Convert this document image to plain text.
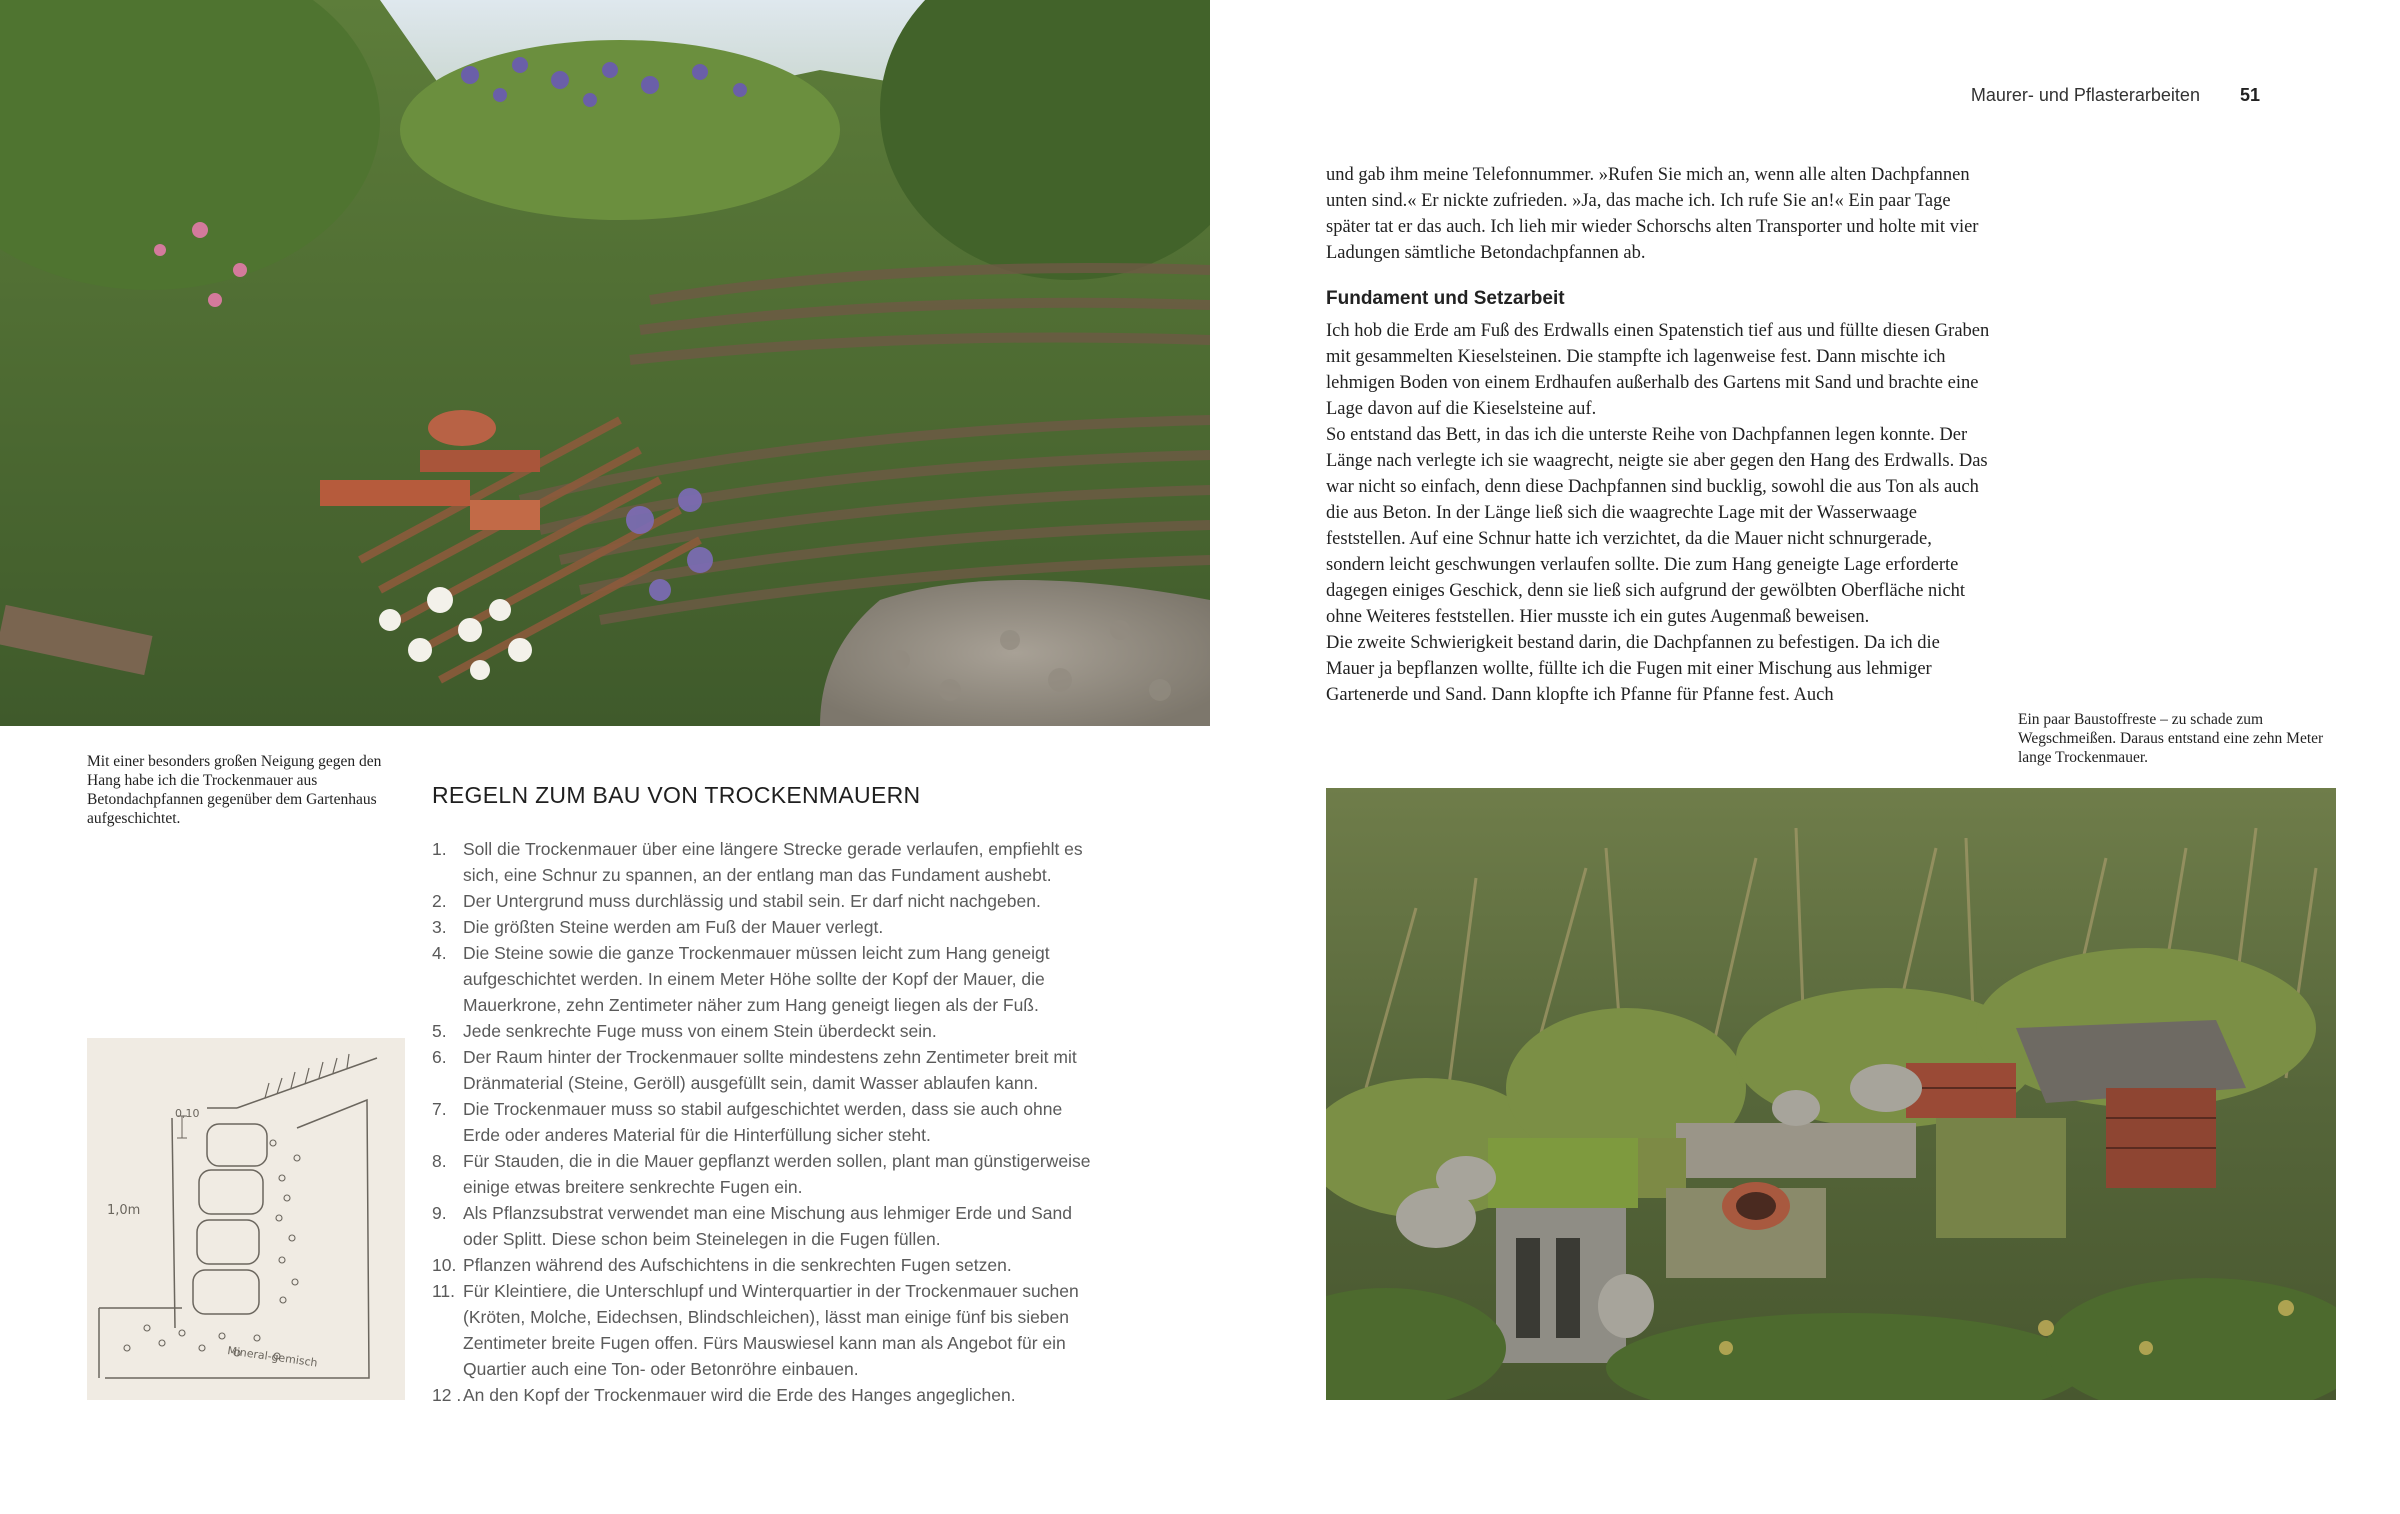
Maurer- und Pflasterarbeiten 51

und gab ihm meine Telefonnummer. »Rufen Sie mich an, wenn alle alten Dachpfannen unten sind.« Er nickte zufrieden. »Ja, das mache ich. Ich rufe Sie an!« Ein paar Tage später tat er das auch. Ich lieh mir wieder Schorschs alten Transporter und holte mit vier Ladungen sämtliche Betondachpfannen ab.

Fundament und Setzarbeit

Ich hob die Erde am Fuß des Erdwalls einen Spatenstich tief aus und füllte diesen Graben mit gesammelten Kieselsteinen. Die stampfte ich lagenweise fest. Dann mischte ich lehmigen Boden von einem Erdhaufen außerhalb des Gartens mit Sand und brachte eine Lage davon auf die Kieselsteine auf.

So entstand das Bett, in das ich die unterste Reihe von Dachpfannen legen konnte. Der Länge nach verlegte ich sie waagrecht, neigte sie aber gegen den Hang des Erdwalls. Das war nicht so einfach, denn diese Dachpfannen sind bucklig, sowohl die aus Ton als auch die aus Beton. In der Länge ließ sich die waagrechte Lage mit der Wasserwaage feststellen. Auf eine Schnur hatte ich verzichtet, da die Mauer nicht schnurgerade, sondern leicht geschwungen verlaufen sollte. Die zum Hang geneigte Lage erforderte dagegen einiges Geschick, denn sie ließ sich aufgrund der gewölbten Oberfläche nicht ohne Weiteres feststellen. Hier musste ich ein gutes Augenmaß beweisen.

Die zweite Schwierigkeit bestand darin, die Dachpfannen zu befestigen. Da ich die Mauer ja bepflanzen wollte, füllte ich die Fugen mit einer Mischung aus lehmiger Gartenerde und Sand. Dann klopfte ich Pfanne für Pfanne fest. Auch

Ein paar Baustoffreste – zu schade zum Wegschmeißen. Daraus entstand eine zehn Meter lange Trockenmauer.
Mit einer besonders großen Neigung gegen den Hang habe ich die Trockenmauer aus Betondachpfannen gegenüber dem Gartenhaus aufgeschichtet.
REGELN ZUM BAU VON TROCKENMAUERN
1. Soll die Trockenmauer über eine längere Strecke gerade verlaufen, empfiehlt es sich, eine Schnur zu spannen, an der entlang man das Fundament aushebt.
2. Der Untergrund muss durchlässig und stabil sein. Er darf nicht nachgeben.
3. Die größten Steine werden am Fuß der Mauer verlegt.
4. Die Steine sowie die ganze Trockenmauer müssen leicht zum Hang geneigt aufgeschichtet werden. In einem Meter Höhe sollte der Kopf der Mauer, die Mauerkrone, zehn Zentimeter näher zum Hang geneigt liegen als der Fuß.
5. Jede senkrechte Fuge muss von einem Stein überdeckt sein.
6. Der Raum hinter der Trockenmauer sollte mindestens zehn Zentimeter breit mit Dränmaterial (Steine, Geröll) ausgefüllt sein, damit Wasser ablaufen kann.
7. Die Trockenmauer muss so stabil aufgeschichtet werden, dass sie auch ohne Erde oder anderes Material für die Hinterfüllung sicher steht.
8. Für Stauden, die in die Mauer gepflanzt werden sollen, plant man günstigerweise einige etwas breitere senkrechte Fugen ein.
9. Als Pflanzsubstrat verwendet man eine Mischung aus lehmiger Erde und Sand oder Splitt. Diese schon beim Steinelegen in die Fugen füllen.
10. Pflanzen während des Aufschichtens in die senkrechten Fugen setzen.
11. Für Kleintiere, die Unterschlupf und Winterquartier in der Trockenmauer suchen (Kröten, Molche, Eidechsen, Blindschleichen), lässt man einige fünf bis sieben Zentimeter breite Fugen offen. Fürs Mauswiesel kann man als Angebot für ein Quartier auch eine Ton- oder Betonröhre einbauen.
12 . An den Kopf der Trockenmauer wird die Erde des Hanges angeglichen.
1,0m
0,10
Mineral-gemisch
